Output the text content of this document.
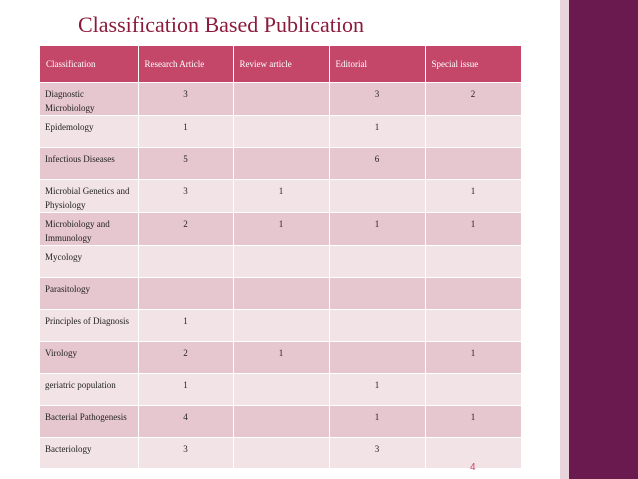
Classification Based Publication
Classification	Research Article	Review article	Editorial	Special issue
Diagnostic Microbiology	3		3	2
Epidemology	1		1	
Infectious Diseases	5		6	
Microbial Genetics and Physiology	3	1		1
Microbiology and Immunology	2	1	1	1
Mycology				
Parasitology				
Principles of Diagnosis	1			
Virology	2	1		1
geriatric population	1		1	
Bacterial Pathogenesis	4		1	1
Bacteriology	3		3	
4
